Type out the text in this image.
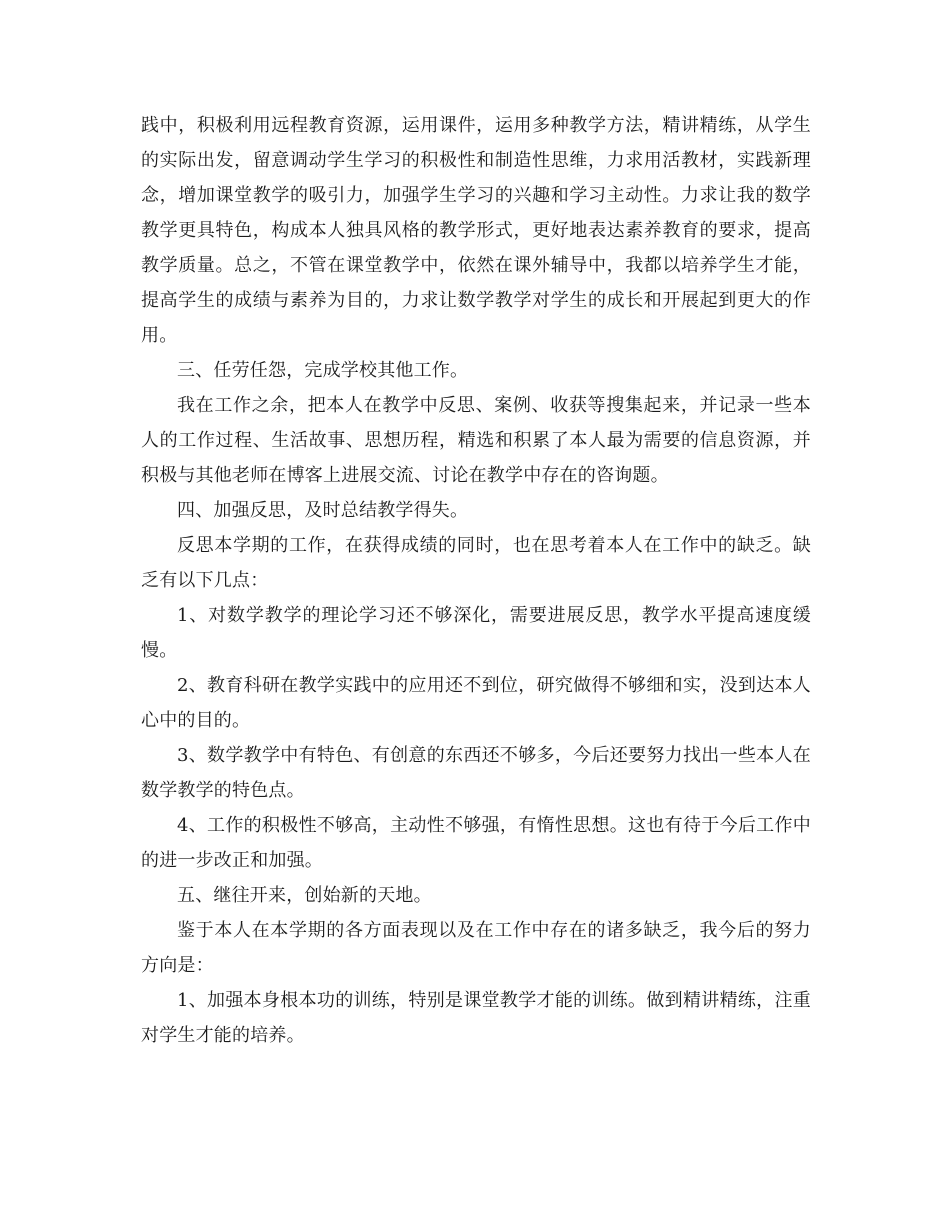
践中，积极利用远程教育资源，运用课件，运用多种教学方法，精讲精练，从学生的实际出发，留意调动学生学习的积极性和制造性思维，力求用活教材，实践新理念，增加课堂教学的吸引力，加强学生学习的兴趣和学习主动性。力求让我的数学教学更具特色，构成本人独具风格的教学形式，更好地表达素养教育的要求，提高教学质量。总之，不管在课堂教学中，依然在课外辅导中，我都以培养学生才能，提高学生的成绩与素养为目的，力求让数学教学对学生的成长和开展起到更大的作用。

三、任劳任怨，完成学校其他工作。

我在工作之余，把本人在教学中反思、案例、收获等搜集起来，并记录一些本人的工作过程、生活故事、思想历程，精选和积累了本人最为需要的信息资源，并积极与其他老师在博客上进展交流、讨论在教学中存在的咨询题。

四、加强反思，及时总结教学得失。

反思本学期的工作，在获得成绩的同时，也在思考着本人在工作中的缺乏。缺乏有以下几点：

1、对数学教学的理论学习还不够深化，需要进展反思，教学水平提高速度缓慢。

2、教育科研在教学实践中的应用还不到位，研究做得不够细和实，没到达本人心中的目的。

3、数学教学中有特色、有创意的东西还不够多，今后还要努力找出一些本人在数学教学的特色点。

4、工作的积极性不够高，主动性不够强，有惰性思想。这也有待于今后工作中的进一步改正和加强。

五、继往开来，创始新的天地。

鉴于本人在本学期的各方面表现以及在工作中存在的诸多缺乏，我今后的努力方向是：

1、加强本身根本功的训练，特别是课堂教学才能的训练。做到精讲精练，注重对学生才能的培养。
